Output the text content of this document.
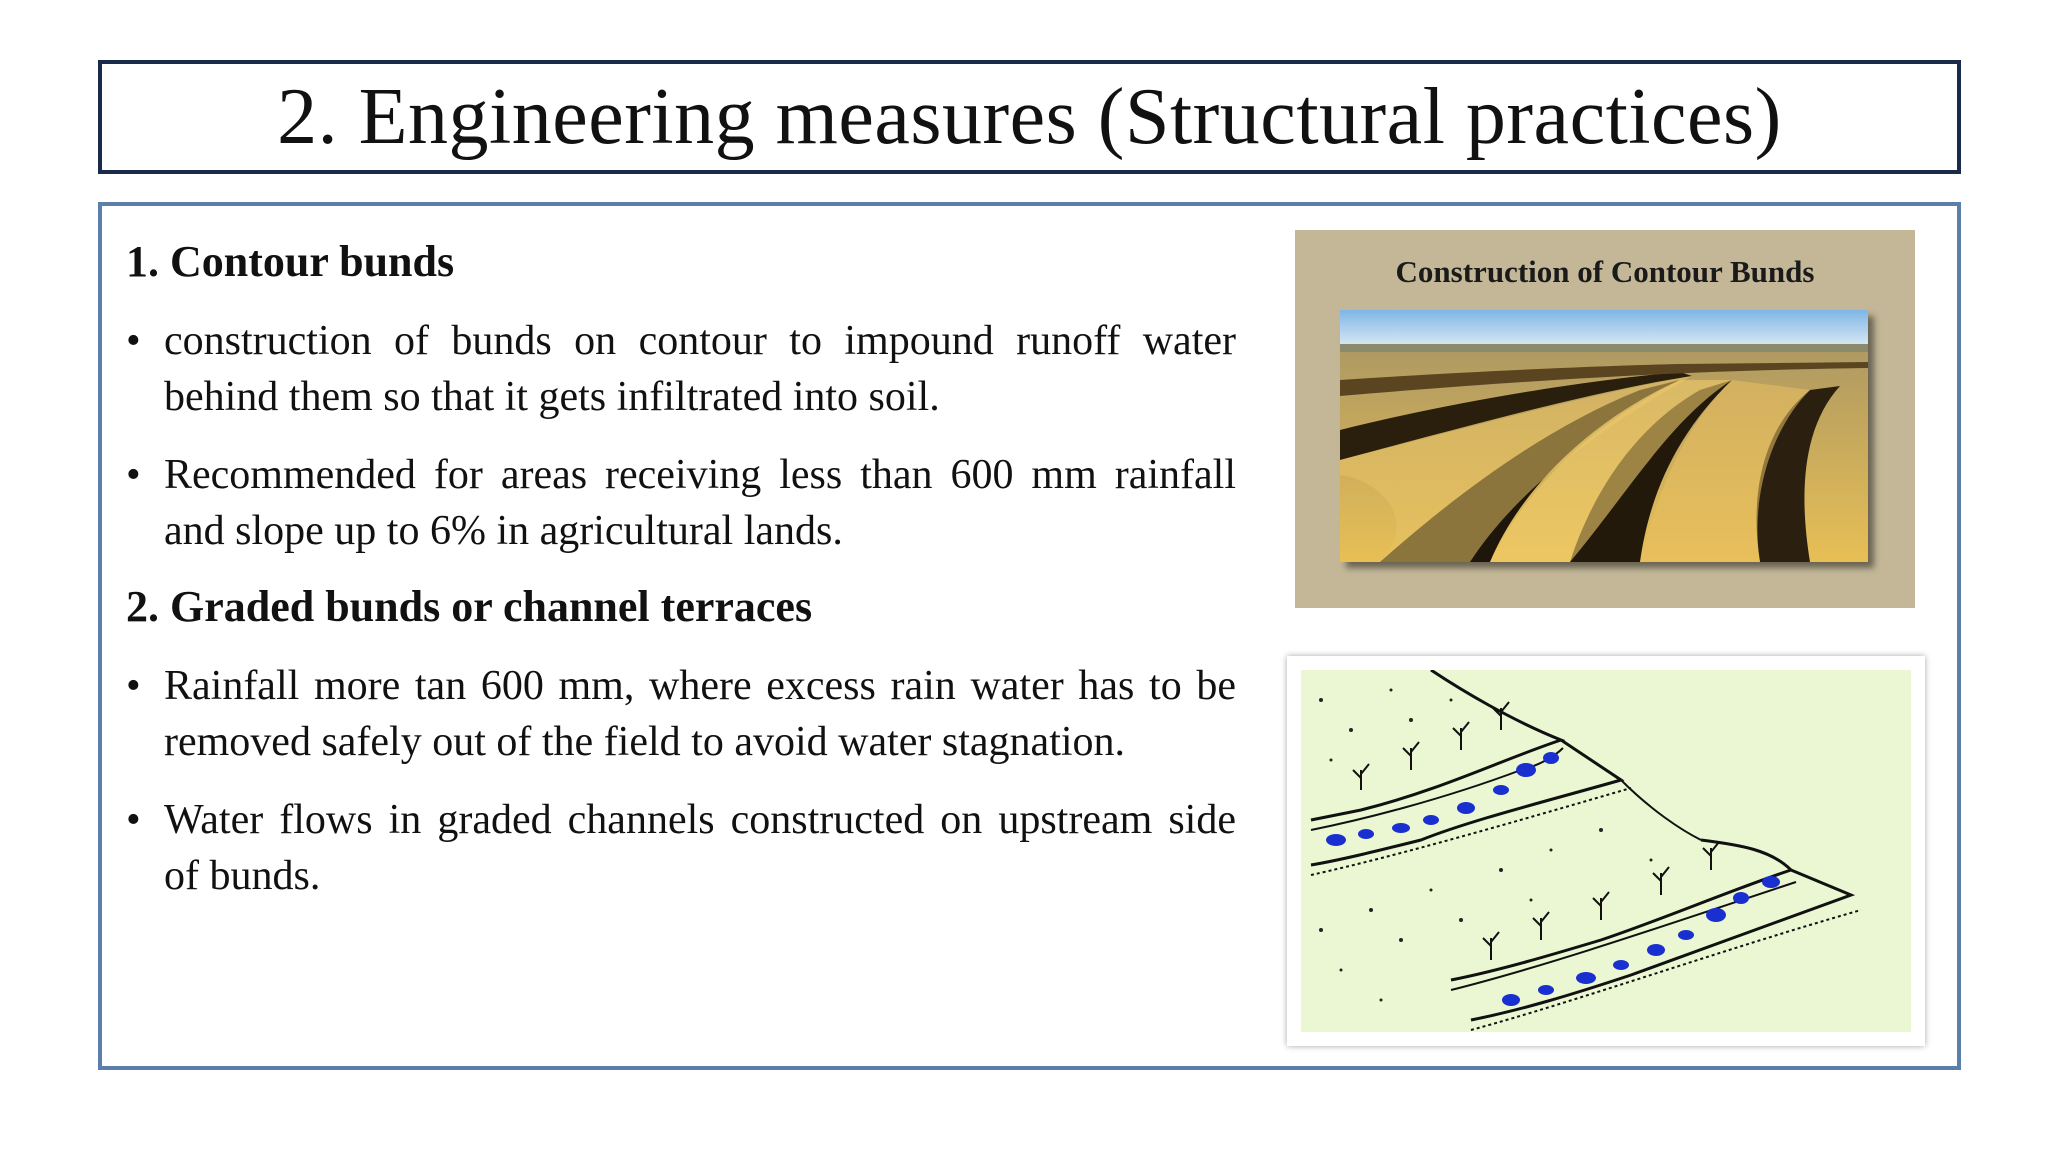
2. Engineering measures (Structural practices)
1. Contour bunds
• construction of bunds on contour to impound runoff water behind them so that it gets infiltrated into soil.
• Recommended for areas receiving less than 600 mm rainfall and slope up to 6% in agricultural lands.
2. Graded bunds or channel terraces
• Rainfall more tan 600 mm, where excess rain water has to be removed safely out of the field to avoid water stagnation.
• Water flows in graded channels constructed on upstream side of bunds.
Construction of Contour Bunds
